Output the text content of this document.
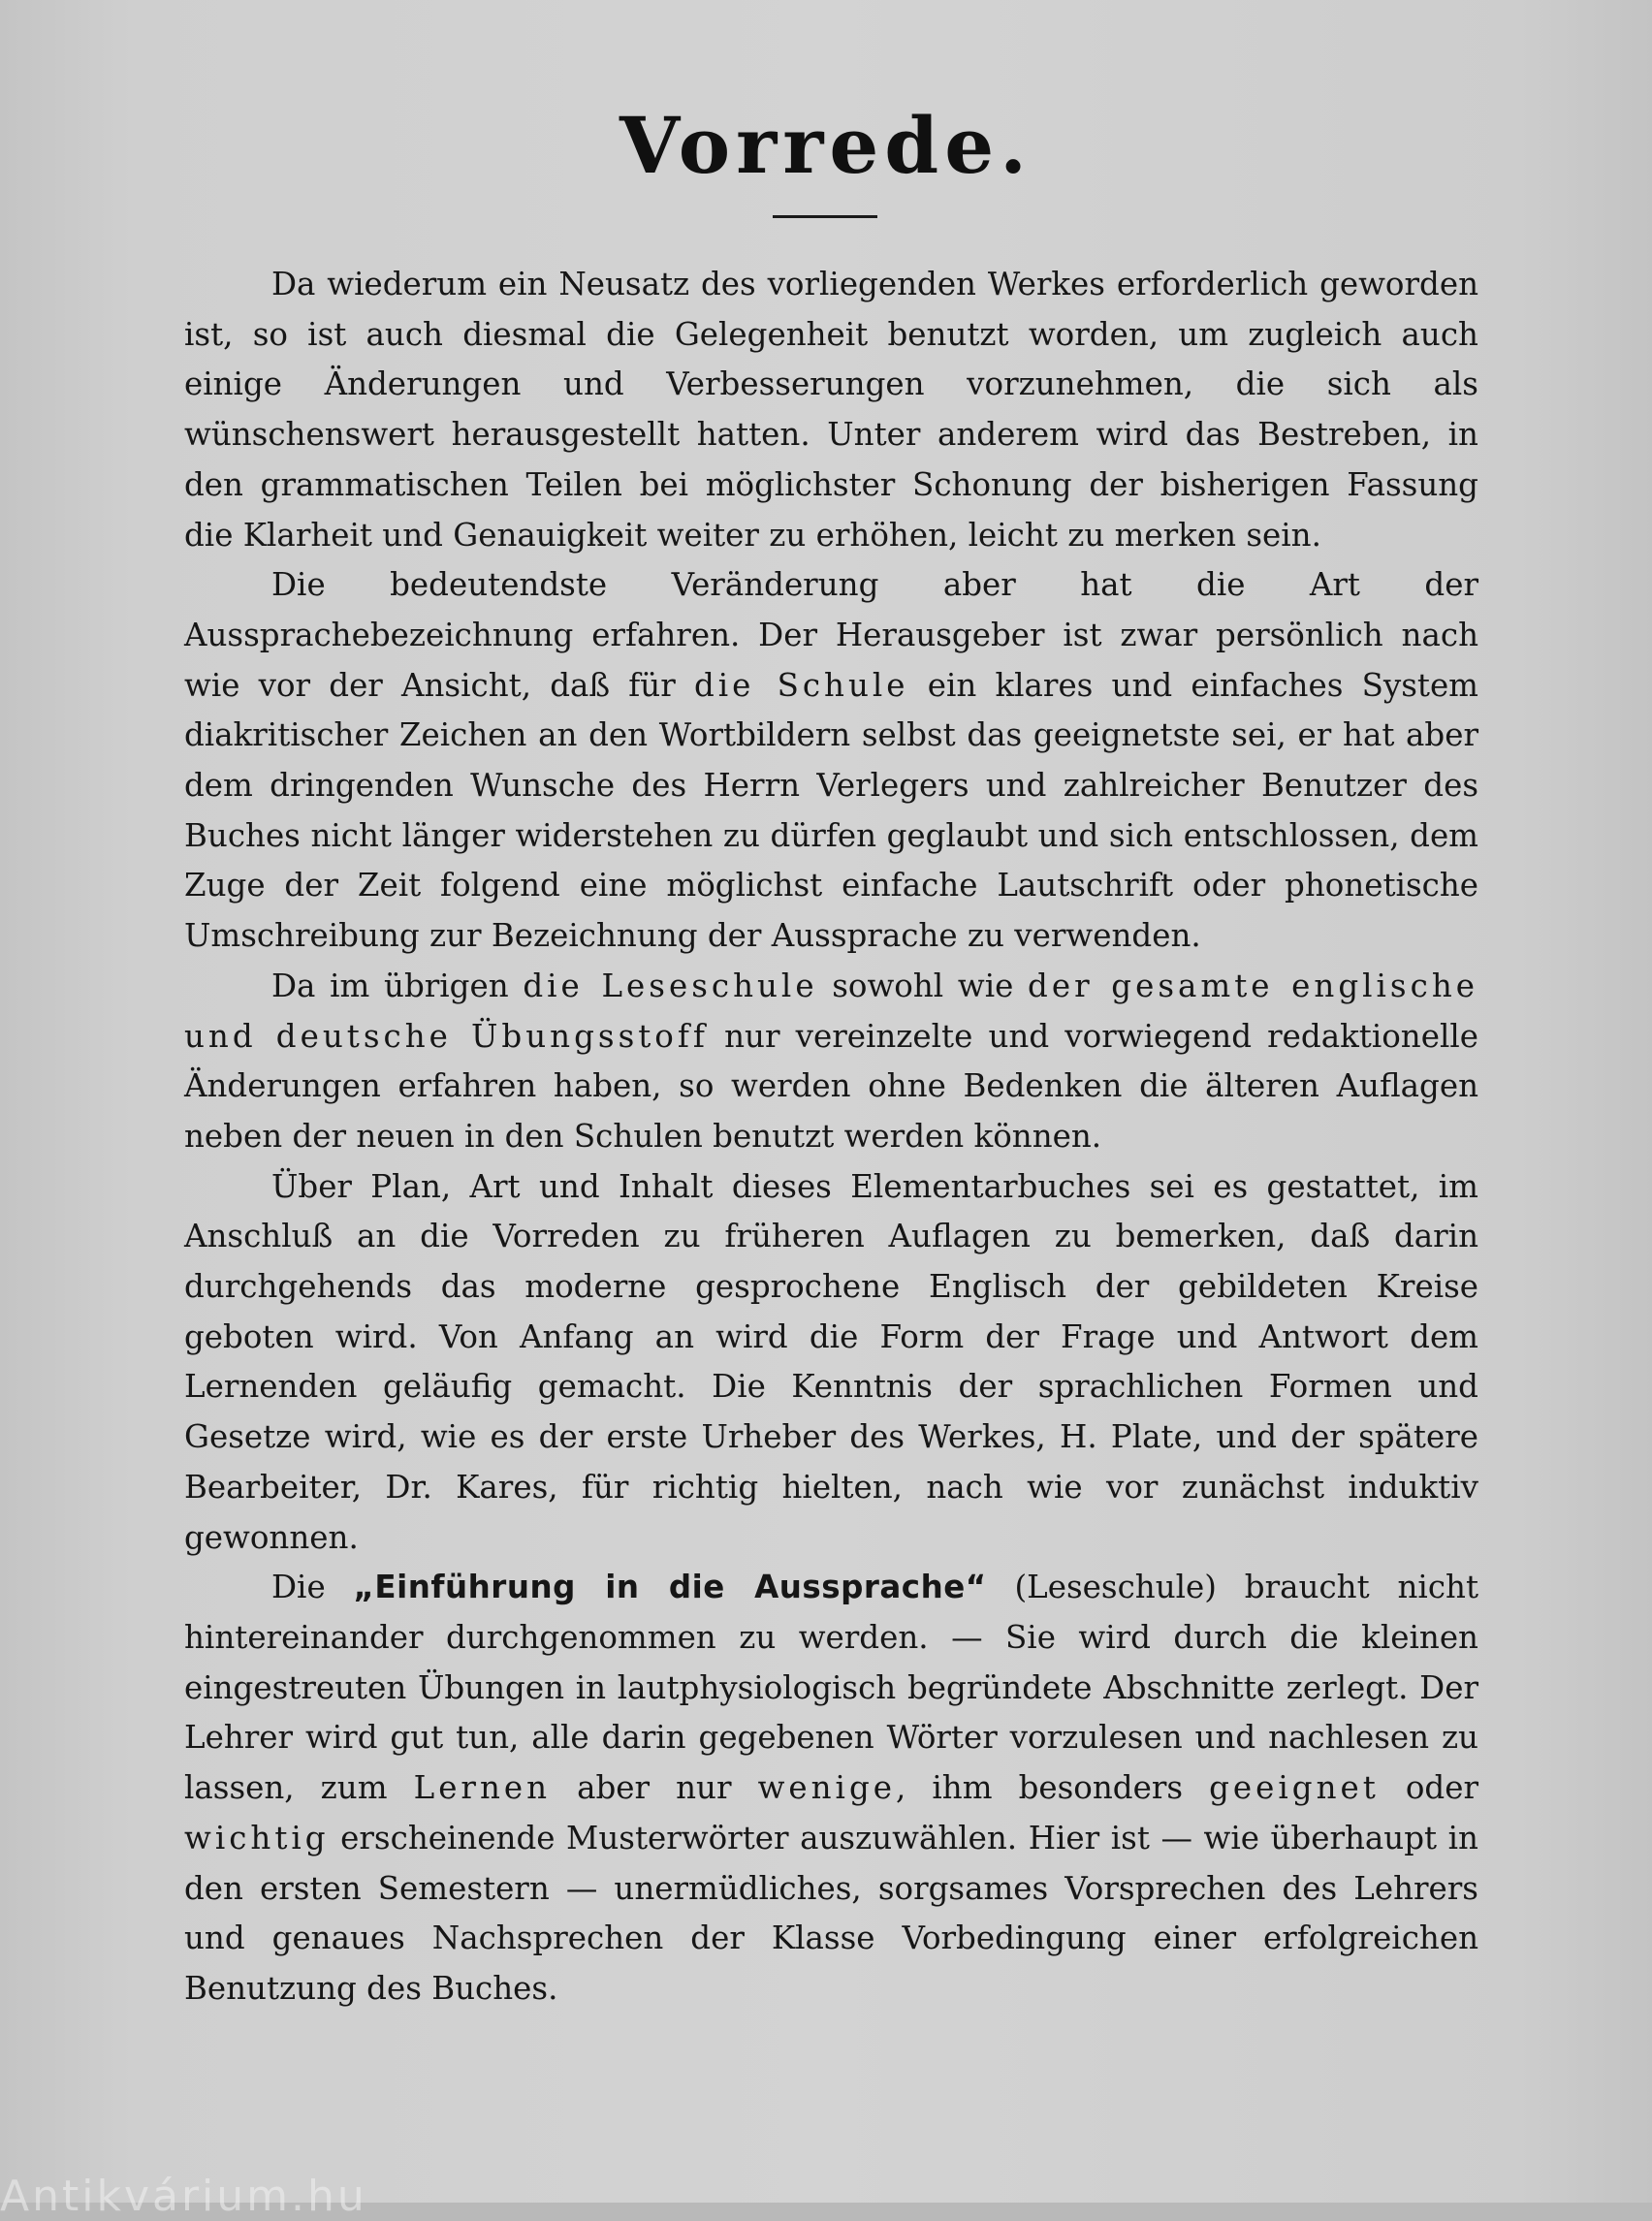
Vorrede.

Da wiederum ein Neusatz des vorliegenden Werkes erforderlich geworden ist, so ist auch diesmal die Gelegenheit benutzt worden, um zugleich auch einige Änderungen und Verbesserungen vorzunehmen, die sich als wünschenswert herausgestellt hatten. Unter anderem wird das Bestreben, in den grammatischen Teilen bei möglichster Schonung der bisherigen Fassung die Klarheit und Genauigkeit weiter zu erhöhen, leicht zu merken sein.

Die bedeutendste Veränderung aber hat die Art der Aussprachebezeichnung erfahren. Der Herausgeber ist zwar persönlich nach wie vor der Ansicht, daß für die Schule ein klares und einfaches System diakritischer Zeichen an den Wortbildern selbst das geeignetste sei, er hat aber dem dringenden Wunsche des Herrn Verlegers und zahlreicher Benutzer des Buches nicht länger widerstehen zu dürfen geglaubt und sich entschlossen, dem Zuge der Zeit folgend eine möglichst einfache Lautschrift oder phonetische Umschreibung zur Bezeichnung der Aussprache zu verwenden.

Da im übrigen die Leseschule sowohl wie der gesamte englische und deutsche Übungsstoff nur vereinzelte und vorwiegend redaktionelle Änderungen erfahren haben, so werden ohne Bedenken die älteren Auflagen neben der neuen in den Schulen benutzt werden können.

Über Plan, Art und Inhalt dieses Elementarbuches sei es gestattet, im Anschluß an die Vorreden zu früheren Auflagen zu bemerken, daß darin durchgehends das moderne gesprochene Englisch der gebildeten Kreise geboten wird. Von Anfang an wird die Form der Frage und Antwort dem Lernenden geläufig gemacht. Die Kenntnis der sprachlichen Formen und Gesetze wird, wie es der erste Urheber des Werkes, H. Plate, und der spätere Bearbeiter, Dr. Kares, für richtig hielten, nach wie vor zunächst induktiv gewonnen.

Die „Einführung in die Aussprache“ (Leseschule) braucht nicht hintereinander durchgenommen zu werden. — Sie wird durch die kleinen eingestreuten Übungen in lautphysiologisch begründete Abschnitte zerlegt. Der Lehrer wird gut tun, alle darin gegebenen Wörter vorzulesen und nachlesen zu lassen, zum Lernen aber nur wenige, ihm besonders geeignet oder wichtig erscheinende Musterwörter auszuwählen. Hier ist — wie überhaupt in den ersten Semestern — unermüdliches, sorgsames Vorsprechen des Lehrers und genaues Nachsprechen der Klasse Vorbedingung einer erfolgreichen Benutzung des Buches.

Antikvárium.hu
